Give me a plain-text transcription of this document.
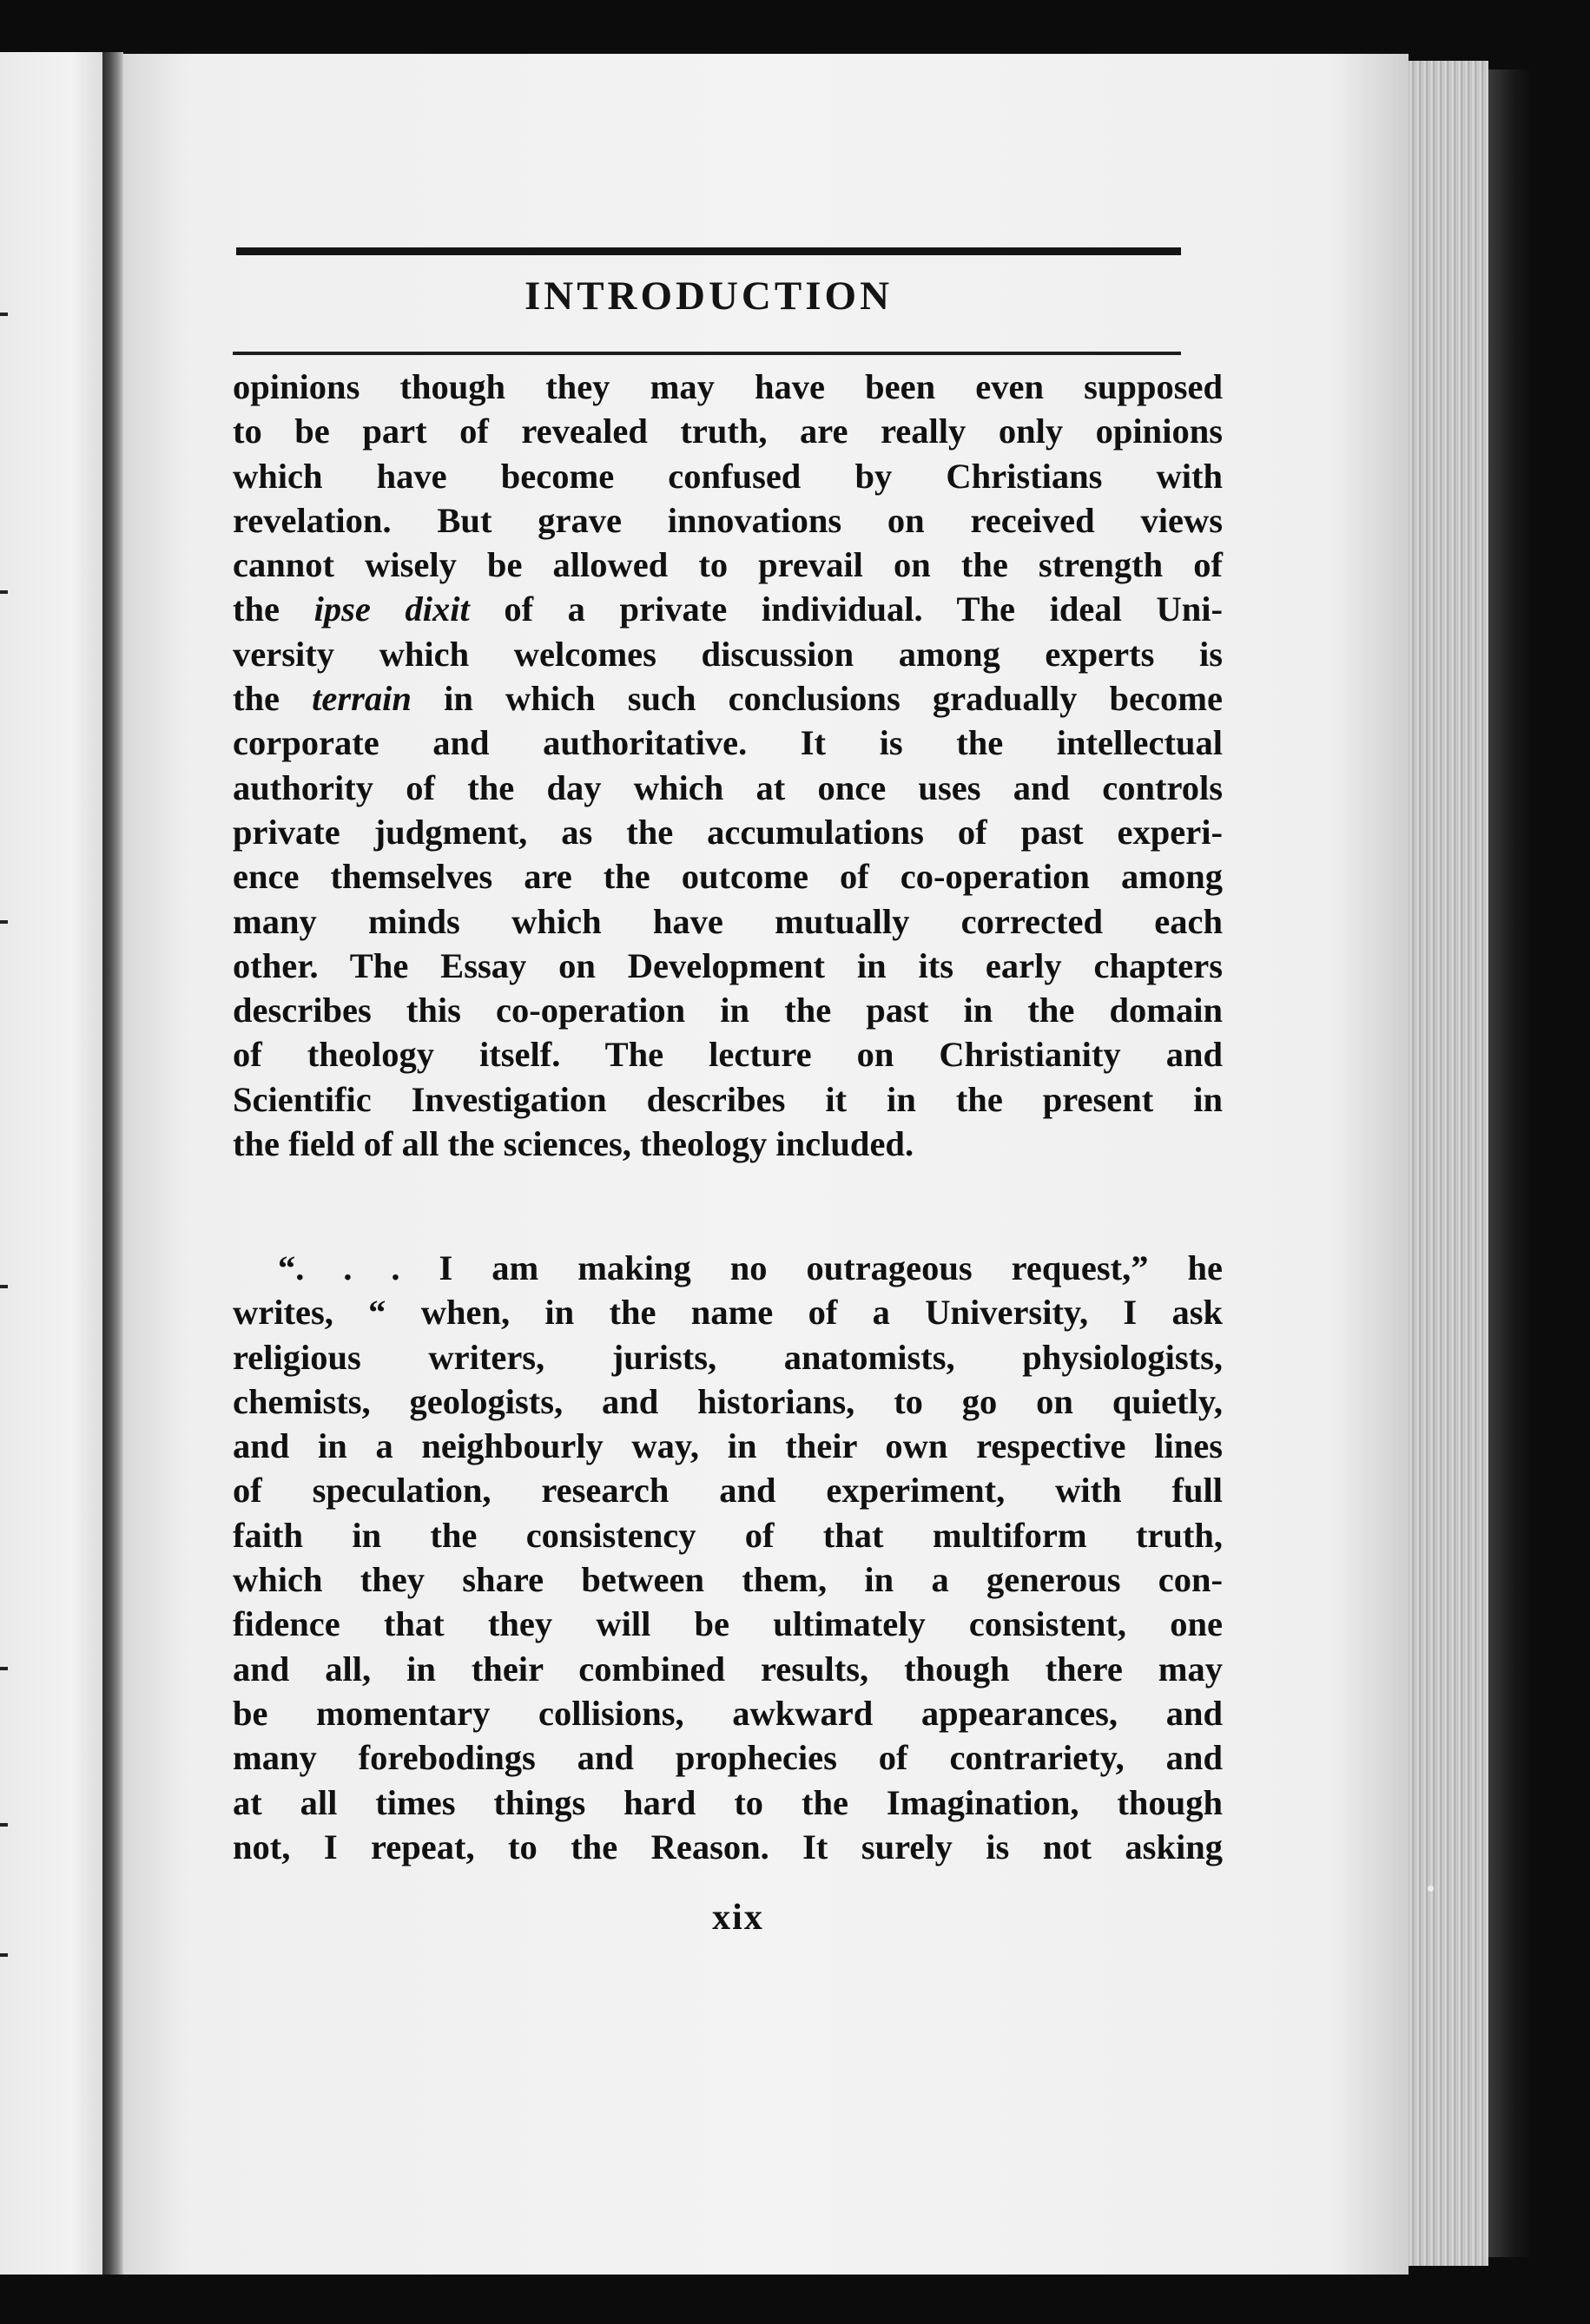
INTRODUCTION
opinions though they may have been even supposed
to be part of revealed truth, are really only opinions
which have become confused by Christians with
revelation. But grave innovations on received views
cannot wisely be allowed to prevail on the strength of
the ipse dixit of a private individual. The ideal Uni-
versity which welcomes discussion among experts is
the terrain in which such conclusions gradually become
corporate and authoritative. It is the intellectual
authority of the day which at once uses and controls
private judgment, as the accumulations of past experi-
ence themselves are the outcome of co-operation among
many minds which have mutually corrected each
other. The Essay on Development in its early chapters
describes this co-operation in the past in the domain
of theology itself. The lecture on Christianity and
Scientific Investigation describes it in the present in
the field of all the sciences, theology included.
“. . . I am making no outrageous request,” he
writes, “ when, in the name of a University, I ask
religious writers, jurists, anatomists, physiologists,
chemists, geologists, and historians, to go on quietly,
and in a neighbourly way, in their own respective lines
of speculation, research and experiment, with full
faith in the consistency of that multiform truth,
which they share between them, in a generous con-
fidence that they will be ultimately consistent, one
and all, in their combined results, though there may
be momentary collisions, awkward appearances, and
many forebodings and prophecies of contrariety, and
at all times things hard to the Imagination, though
not, I repeat, to the Reason. It surely is not asking
xix
